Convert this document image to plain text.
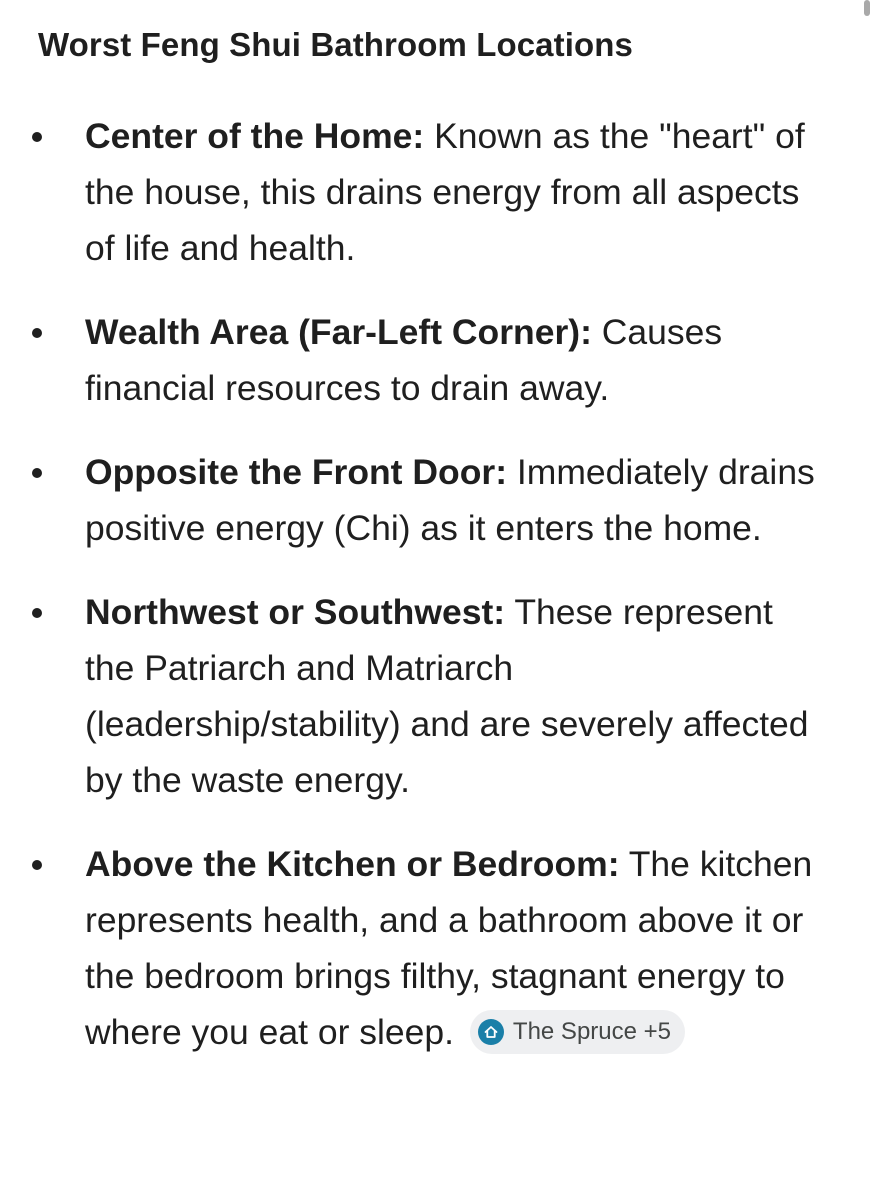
Worst Feng Shui Bathroom Locations
Center of the Home: Known as the "heart" of the house, this drains energy from all aspects of life and health.
Wealth Area (Far-Left Corner): Causes financial resources to drain away.
Opposite the Front Door: Immediately drains positive energy (Chi) as it enters the home.
Northwest or Southwest: These represent the Patriarch and Matriarch (leadership/stability) and are severely affected by the waste energy.
Above the Kitchen or Bedroom: The kitchen represents health, and a bathroom above it or the bedroom brings filthy, stagnant energy to where you eat or sleep. The Spruce +5
